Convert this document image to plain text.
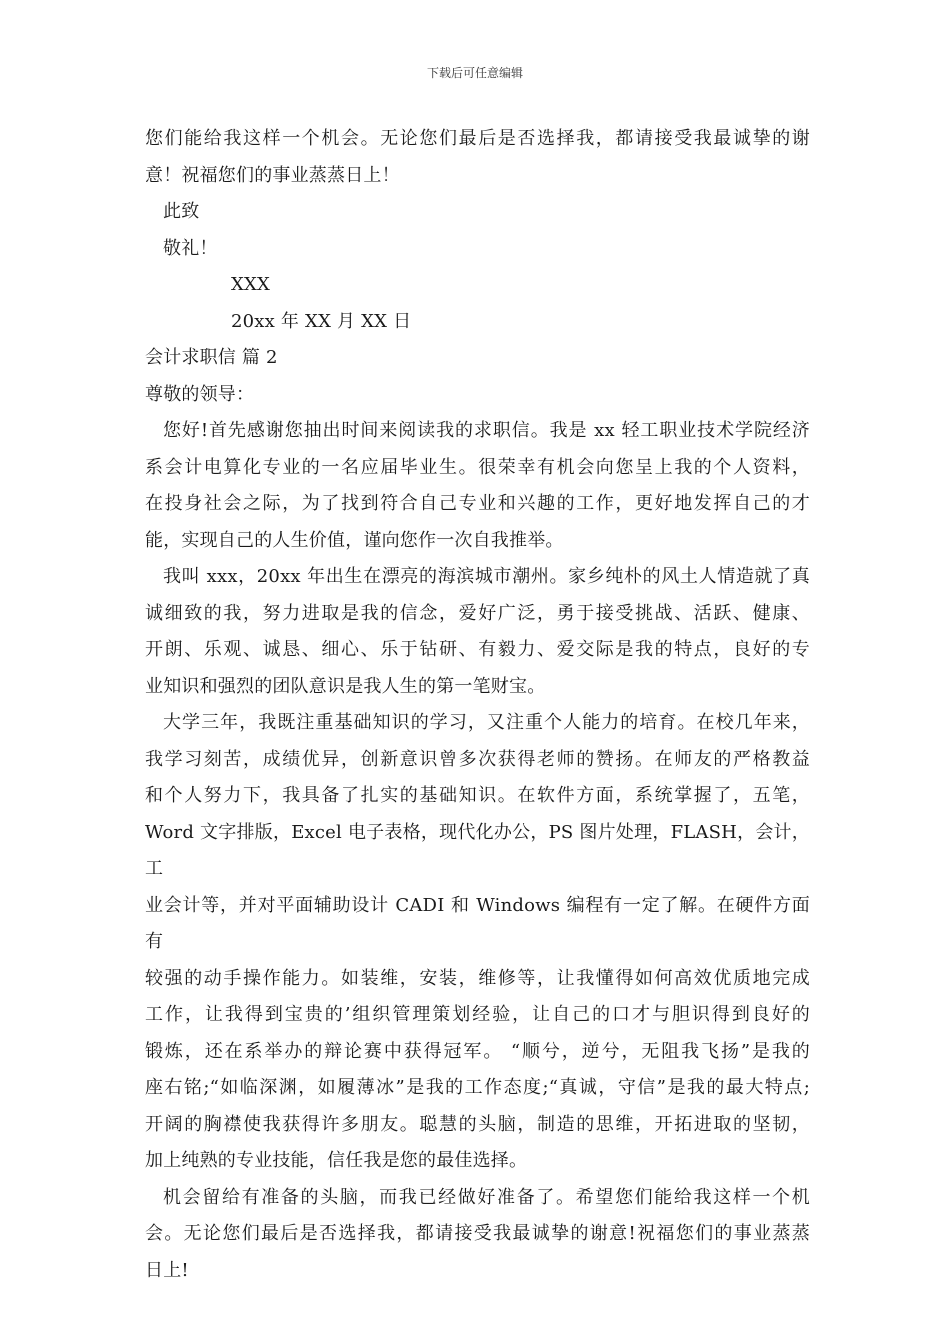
下载后可任意编辑
您们能给我这样一个机会。无论您们最后是否选择我，都请接受我最诚挚的谢
意！祝福您们的事业蒸蒸日上！
此致
敬礼！
XXX
20xx 年 XX 月 XX 日
会计求职信 篇 2
尊敬的领导：
您好!首先感谢您抽出时间来阅读我的求职信。我是 xx 轻工职业技术学院经济
系会计电算化专业的一名应届毕业生。很荣幸有机会向您呈上我的个人资料，
在投身社会之际，为了找到符合自己专业和兴趣的工作，更好地发挥自己的才
能，实现自己的人生价值，谨向您作一次自我推举。
我叫 xxx，20xx 年出生在漂亮的海滨城市潮州。家乡纯朴的风土人情造就了真
诚细致的我，努力进取是我的信念，爱好广泛，勇于接受挑战、活跃、健康、
开朗、乐观、诚恳、细心、乐于钻研、有毅力、爱交际是我的特点，良好的专
业知识和强烈的团队意识是我人生的第一笔财宝。
大学三年，我既注重基础知识的学习，又注重个人能力的培育。在校几年来，
我学习刻苦，成绩优异，创新意识曾多次获得老师的赞扬。在师友的严格教益
和个人努力下，我具备了扎实的基础知识。在软件方面，系统掌握了，五笔，
Word 文字排版，Excel 电子表格，现代化办公，PS 图片处理，FLASH，会计，工
业会计等，并对平面辅助设计 CADI 和 Windows 编程有一定了解。在硬件方面有
较强的动手操作能力。如装维，安装，维修等，让我懂得如何高效优质地完成
工作，让我得到宝贵的’组织管理策划经验，让自己的口才与胆识得到良好的
锻炼，还在系举办的辩论赛中获得冠军。 “顺兮，逆兮，无阻我飞扬”是我的
座右铭;“如临深渊，如履薄冰”是我的工作态度;“真诚，守信”是我的最大特点;
开阔的胸襟使我获得许多朋友。聪慧的头脑，制造的思维，开拓进取的坚韧，
加上纯熟的专业技能，信任我是您的最佳选择。
机会留给有准备的头脑，而我已经做好准备了。希望您们能给我这样一个机
会。无论您们最后是否选择我，都请接受我最诚挚的谢意!祝福您们的事业蒸蒸
日上!
